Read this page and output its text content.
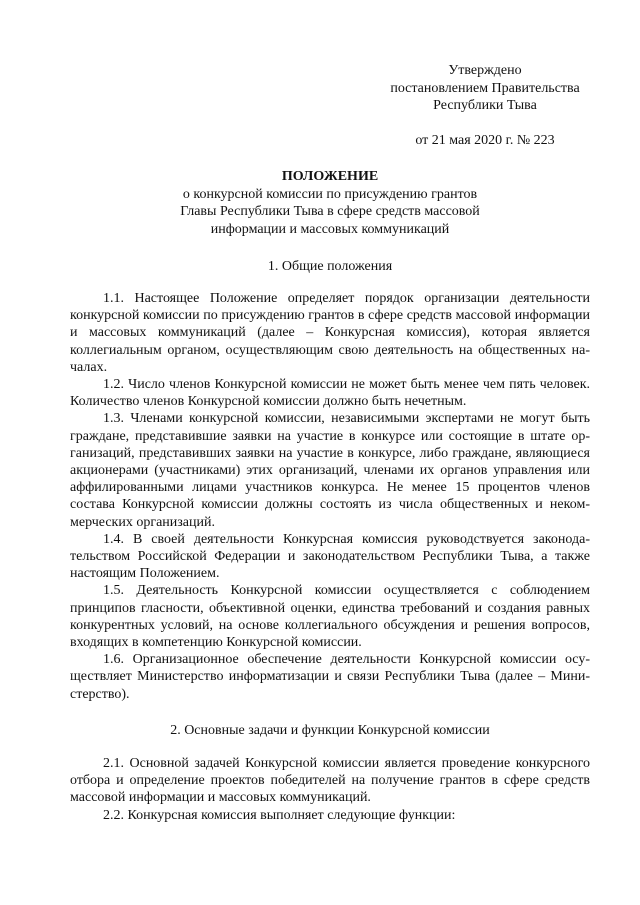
Утверждено
постановлением Правительства
Республики Тыва
от 21 мая 2020 г. № 223
ПОЛОЖЕНИЕ
о конкурсной комиссии по присуждению грантов
Главы Республики Тыва в сфере средств массовой
информации и массовых коммуникаций
1. Общие положения

1.1. Настоящее Положение определяет порядок организации деятельности конкурсной комиссии по присуждению грантов в сфере средств массовой информации и массовых коммуникаций (далее – Конкурсная комиссия), которая является коллегиальным органом, осуществляющим свою деятельность на общественных началах.

1.2. Число членов Конкурсной комиссии не может быть менее чем пять человек. Количество членов Конкурсной комиссии должно быть нечетным.

1.3. Членами конкурсной комиссии, независимыми экспертами не могут быть граждане, представившие заявки на участие в конкурсе или состоящие в штате организаций, представивших заявки на участие в конкурсе, либо граждане, являющиеся акционерами (участниками) этих организаций, членами их органов управления или аффилированными лицами участников конкурса. Не менее 15 процентов членов состава Конкурсной комиссии должны состоять из числа общественных и некоммерческих организаций.

1.4. В своей деятельности Конкурсная комиссия руководствуется законодательством Российской Федерации и законодательством Республики Тыва, а также настоящим Положением.

1.5. Деятельность Конкурсной комиссии осуществляется с соблюдением принципов гласности, объективной оценки, единства требований и создания равных конкурентных условий, на основе коллегиального обсуждения и решения вопросов, входящих в компетенцию Конкурсной комиссии.

1.6. Организационное обеспечение деятельности Конкурсной комиссии осуществляет Министерство информатизации и связи Республики Тыва (далее – Министерство).

2. Основные задачи и функции Конкурсной комиссии

2.1. Основной задачей Конкурсной комиссии является проведение конкурсного отбора и определение проектов победителей на получение грантов в сфере средств массовой информации и массовых коммуникаций.

2.2. Конкурсная комиссия выполняет следующие функции:
